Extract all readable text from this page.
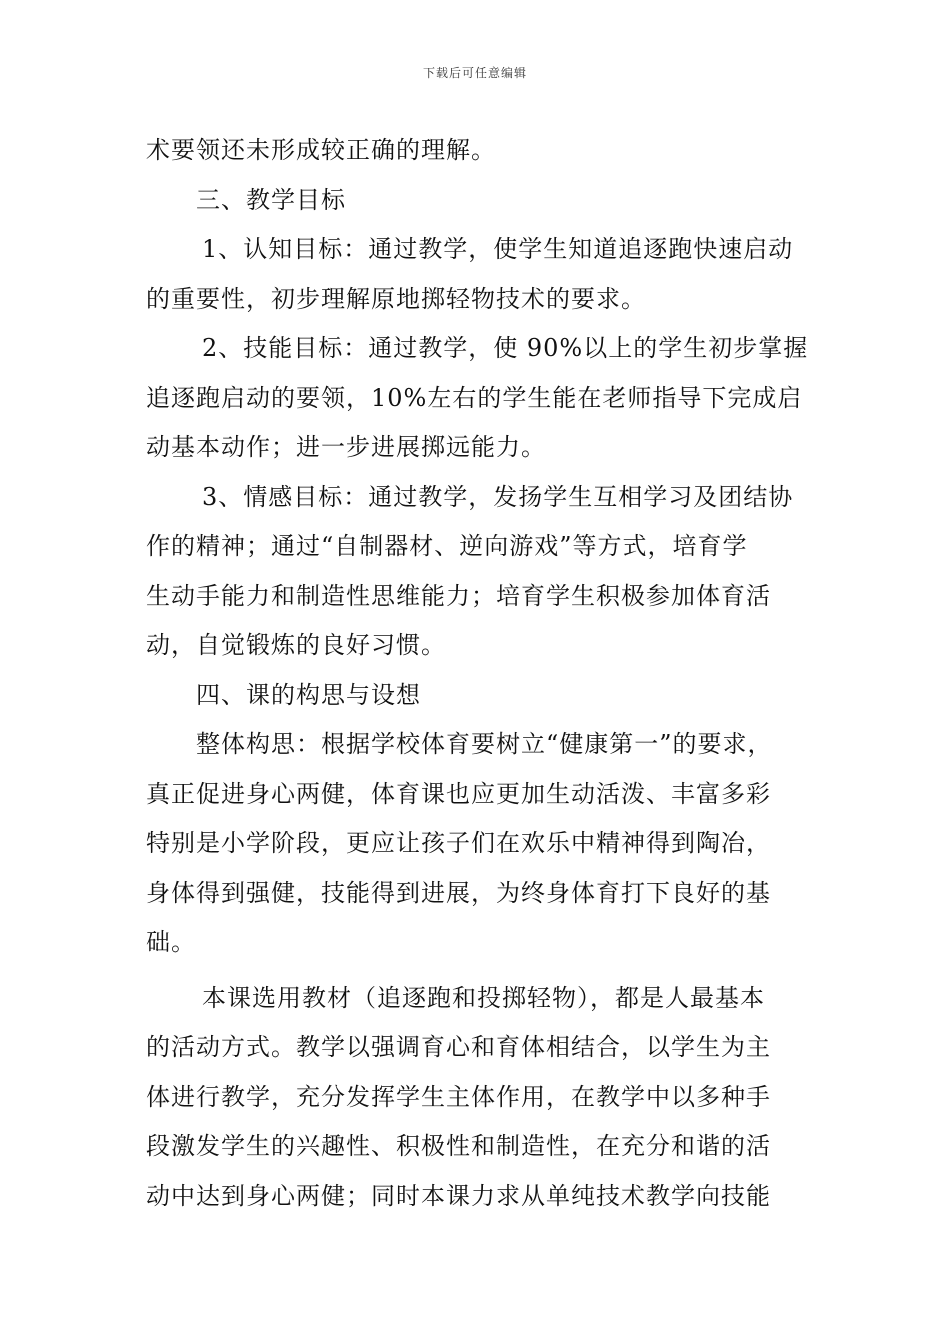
下载后可任意编辑
术要领还未形成较正确的理解。
三、教学目标
1、认知目标：通过教学，使学生知道追逐跑快速启动
的重要性，初步理解原地掷轻物技术的要求。
2、技能目标：通过教学，使 90%以上的学生初步掌握
追逐跑启动的要领，10%左右的学生能在老师指导下完成启
动基本动作；进一步进展掷远能力。
3、情感目标：通过教学，发扬学生互相学习及团结协
作的精神；通过“自制器材、逆向游戏”等方式，培育学
生动手能力和制造性思维能力；培育学生积极参加体育活
动，自觉锻炼的良好习惯。
四、课的构思与设想
整体构思：根据学校体育要树立“健康第一”的要求，
真正促进身心两健，体育课也应更加生动活泼、丰富多彩
特别是小学阶段，更应让孩子们在欢乐中精神得到陶冶，
身体得到强健，技能得到进展，为终身体育打下良好的基
础。
本课选用教材（追逐跑和投掷轻物），都是人最基本
的活动方式。教学以强调育心和育体相结合，以学生为主
体进行教学，充分发挥学生主体作用，在教学中以多种手
段激发学生的兴趣性、积极性和制造性，在充分和谐的活
动中达到身心两健；同时本课力求从单纯技术教学向技能
